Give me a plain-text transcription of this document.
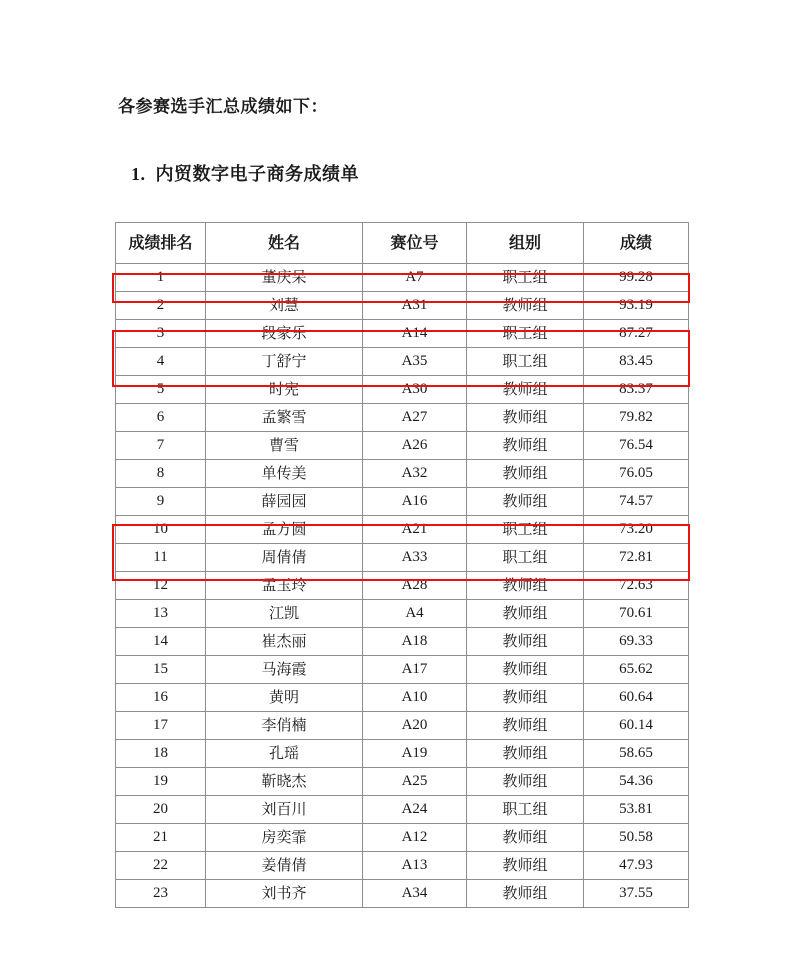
各参赛选手汇总成绩如下：
1. 内贸数字电子商务成绩单
成绩排名	姓名	赛位号	组别	成绩
1	董庆呆	A7	职工组	99.28
2	刘慧	A31	教师组	93.19
3	段家乐	A14	职工组	87.27
4	丁舒宁	A35	职工组	83.45
5	时宪	A30	教师组	83.37
6	孟繁雪	A27	教师组	79.82
7	曹雪	A26	教师组	76.54
8	单传美	A32	教师组	76.05
9	薛园园	A16	教师组	74.57
10	孟方圆	A21	职工组	73.20
11	周倩倩	A33	职工组	72.81
12	孟玉玲	A28	教师组	72.63
13	江凯	A4	教师组	70.61
14	崔杰丽	A18	教师组	69.33
15	马海霞	A17	教师组	65.62
16	黄明	A10	教师组	60.64
17	李俏楠	A20	教师组	60.14
18	孔瑶	A19	教师组	58.65
19	靳晓杰	A25	教师组	54.36
20	刘百川	A24	职工组	53.81
21	房奕霏	A12	教师组	50.58
22	姜倩倩	A13	教师组	47.93
23	刘书齐	A34	教师组	37.55
